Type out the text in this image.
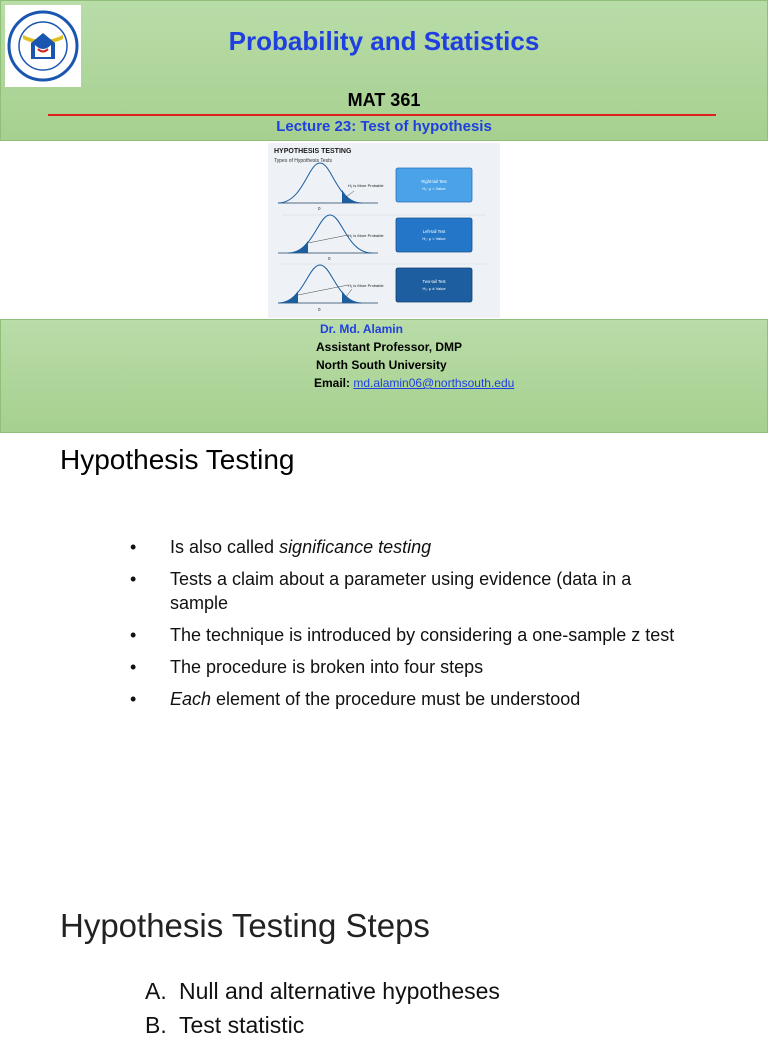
Probability and Statistics
MAT 361
Lecture 23: Test of hypothesis
HYPOTHESIS TESTING
Types of Hypothesis Tests
H₁ is More Probable
0
Right-tail Test
H₁: μ > Value
H₁ is More Probable
0
Left-tail Test
H₁: μ < Value
H₁ is More Probable
0
Two-tail Test
H₁: μ ≠ Value
Dr. Md. Alamin
Assistant Professor, DMP
North South University
Email: md.alamin06@northsouth.edu
Hypothesis Testing
• Is also called significance testing
• Tests a claim about a parameter using evidence (data in a sample
• The technique is introduced by considering a one-sample z test
• The procedure is broken into four steps
• Each element of the procedure must be understood
Hypothesis Testing Steps
A. Null and alternative hypotheses
B. Test statistic
